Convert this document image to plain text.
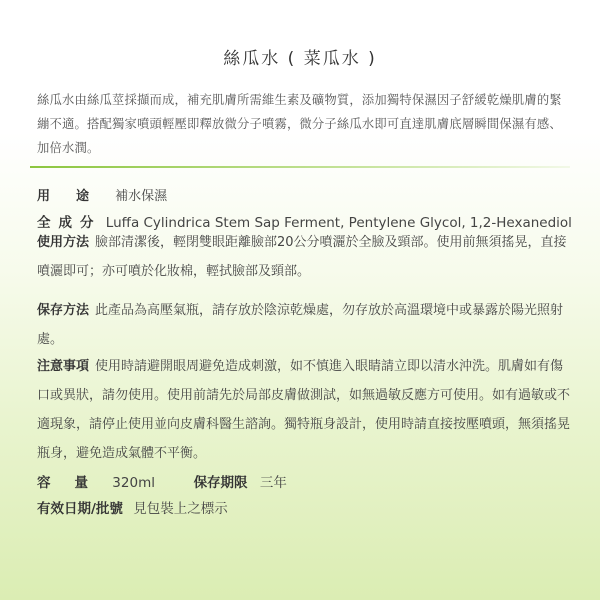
絲瓜水 ( 菜瓜水 )
絲瓜水由絲瓜莖採擷而成，補充肌膚所需維生素及礦物質，添加獨特保濕因子舒緩乾燥肌膚的緊繃不適。搭配獨家噴頭輕壓即釋放微分子噴霧，微分子絲瓜水即可直達肌膚底層瞬間保濕有感、加倍水潤。
用途 補水保濕
全成分 Luffa Cylindrica Stem Sap Ferment, Pentylene Glycol, 1,2-Hexanediol
使用方法 臉部清潔後，輕閉雙眼距離臉部20公分噴灑於全臉及頸部。使用前無須搖晃，直接噴灑即可；亦可噴於化妝棉，輕拭臉部及頸部。
保存方法 此產品為高壓氣瓶，請存放於陰涼乾燥處，勿存放於高溫環境中或暴露於陽光照射處。
注意事項 使用時請避開眼周避免造成刺激，如不慎進入眼睛請立即以清水沖洗。肌膚如有傷口或異狀，請勿使用。使用前請先於局部皮膚做測試，如無過敏反應方可使用。如有過敏或不適現象，請停止使用並向皮膚科醫生諮詢。獨特瓶身設計，使用時請直接按壓噴頭，無須搖晃瓶身，避免造成氣體不平衡。
容量 320ml	保存期限 三年
有效日期/批號 見包裝上之標示
